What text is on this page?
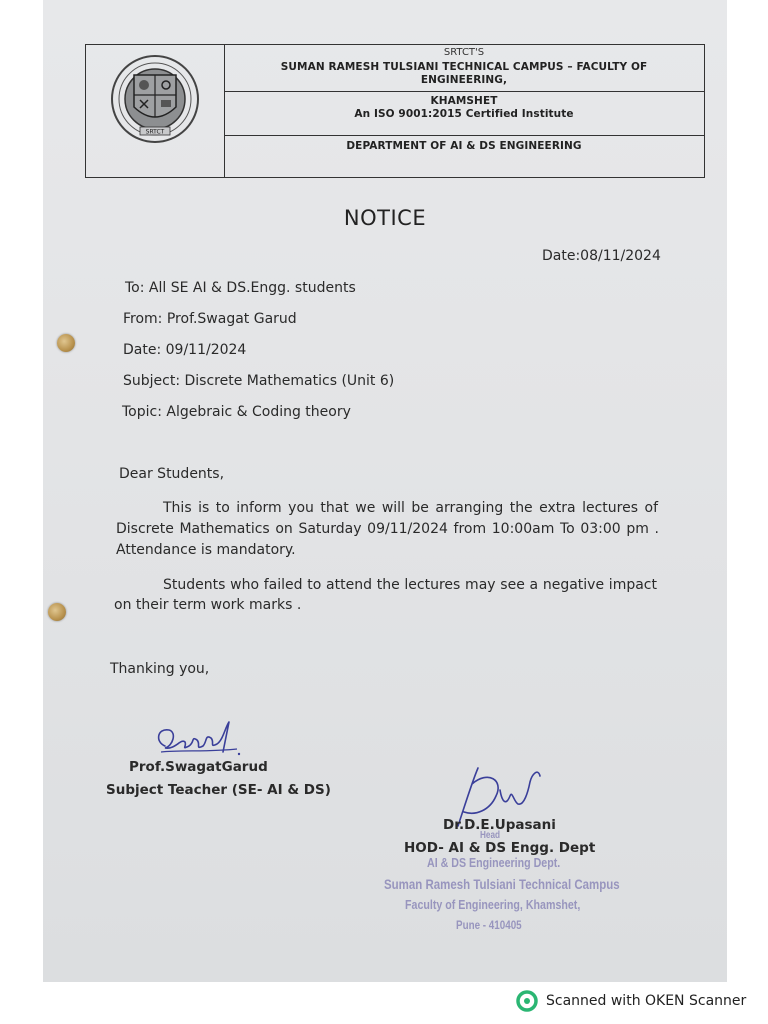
SRTCT
SRTCT'S
SUMAN RAMESH TULSIANI TECHNICAL CAMPUS – FACULTY OF
ENGINEERING,
KHAMSHET
An ISO 9001:2015 Certified Institute
DEPARTMENT OF AI & DS ENGINEERING
NOTICE
Date:08/11/2024
To: All SE AI & DS.Engg. students
From: Prof.Swagat Garud
Date: 09/11/2024
Subject: Discrete Mathematics (Unit 6)
Topic: Algebraic & Coding theory
Dear Students,
This is to inform you that we will be arranging the extra lectures of
Discrete Mathematics on Saturday 09/11/2024 from 10:00am To 03:00 pm .
Attendance is mandatory.
Students who failed to attend the lectures may see a negative impact
on their term work marks .
Thanking you,
Prof.SwagatGarud
Subject Teacher (SE- AI & DS)
Dr.D.E.Upasani
HOD- AI & DS Engg. Dept
Head
AI & DS Engineering Dept.
Suman Ramesh Tulsiani Technical Campus
Faculty of Engineering, Khamshet,
Pune - 410405
Scanned with OKEN Scanner
